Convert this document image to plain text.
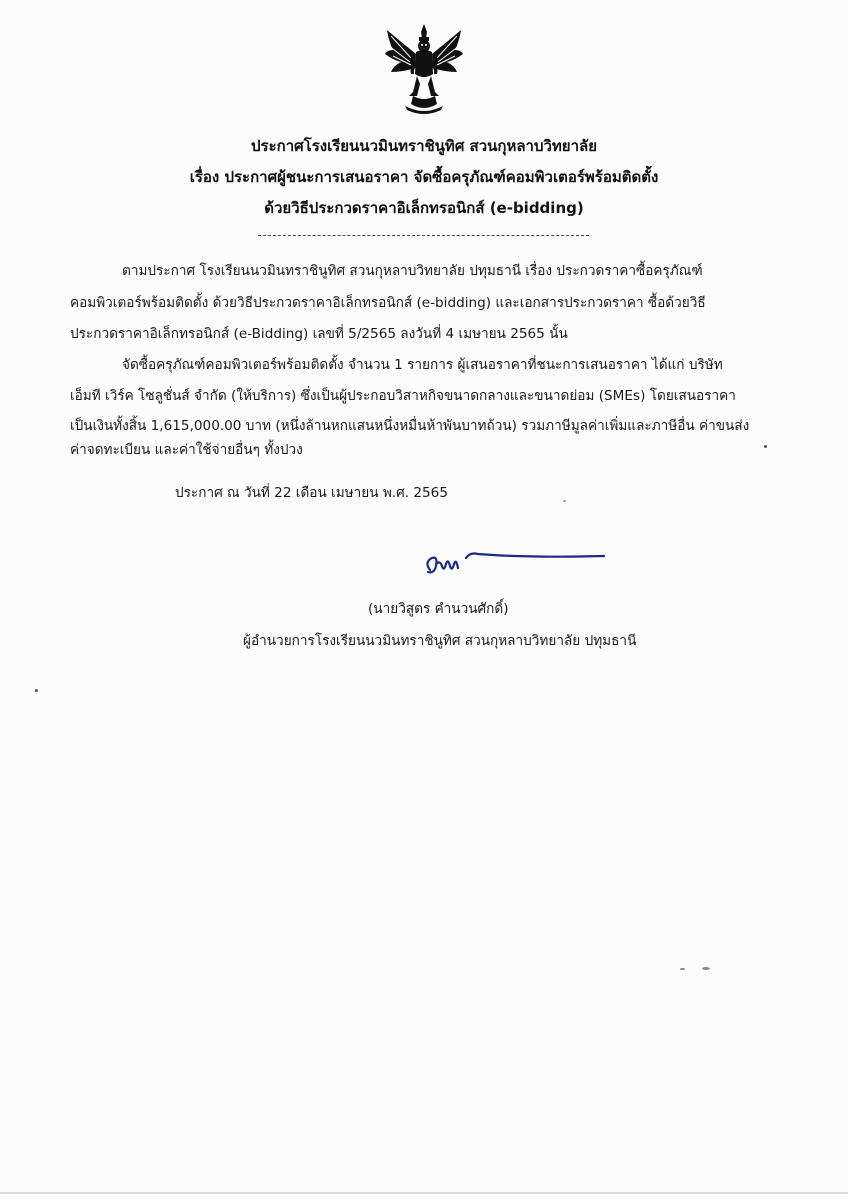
ประกาศโรงเรียนนวมินทราชินูทิศ สวนกุหลาบวิทยาลัย
เรื่อง ประกาศผู้ชนะการเสนอราคา จัดซื้อครุภัณฑ์คอมพิวเตอร์พร้อมติดตั้ง
ด้วยวิธีประกวดราคาอิเล็กทรอนิกส์ (e-bidding)
ตามประกาศ โรงเรียนนวมินทราชินูทิศ สวนกุหลาบวิทยาลัย ปทุมธานี เรื่อง ประกวดราคาซื้อครุภัณฑ์
คอมพิวเตอร์พร้อมติดตั้ง ด้วยวิธีประกวดราคาอิเล็กทรอนิกส์ (e-bidding) และเอกสารประกวดราคา ซื้อด้วยวิธี
ประกวดราคาอิเล็กทรอนิกส์ (e-Bidding) เลขที่ 5/2565 ลงวันที่ 4 เมษายน 2565 นั้น
จัดซื้อครุภัณฑ์คอมพิวเตอร์พร้อมติดตั้ง จำนวน 1 รายการ ผู้เสนอราคาที่ชนะการเสนอราคา ได้แก่ บริษัท
เอ็มที เวิร์ค โซลูชั่นส์ จำกัด (ให้บริการ) ซึ่งเป็นผู้ประกอบวิสาหกิจขนาดกลางและขนาดย่อม (SMEs) โดยเสนอราคา
เป็นเงินทั้งสิ้น 1,615,000.00 บาท (หนึ่งล้านหกแสนหนึ่งหมื่นห้าพันบาทถ้วน) รวมภาษีมูลค่าเพิ่มและภาษีอื่น ค่าขนส่ง
ค่าจดทะเบียน และค่าใช้จ่ายอื่นๆ ทั้งปวง
ประกาศ ณ วันที่ 22 เดือน เมษายน พ.ศ. 2565
(นายวิสูตร คำนวนศักดิ์)
ผู้อำนวยการโรงเรียนนวมินทราชินูทิศ สวนกุหลาบวิทยาลัย ปทุมธานี
